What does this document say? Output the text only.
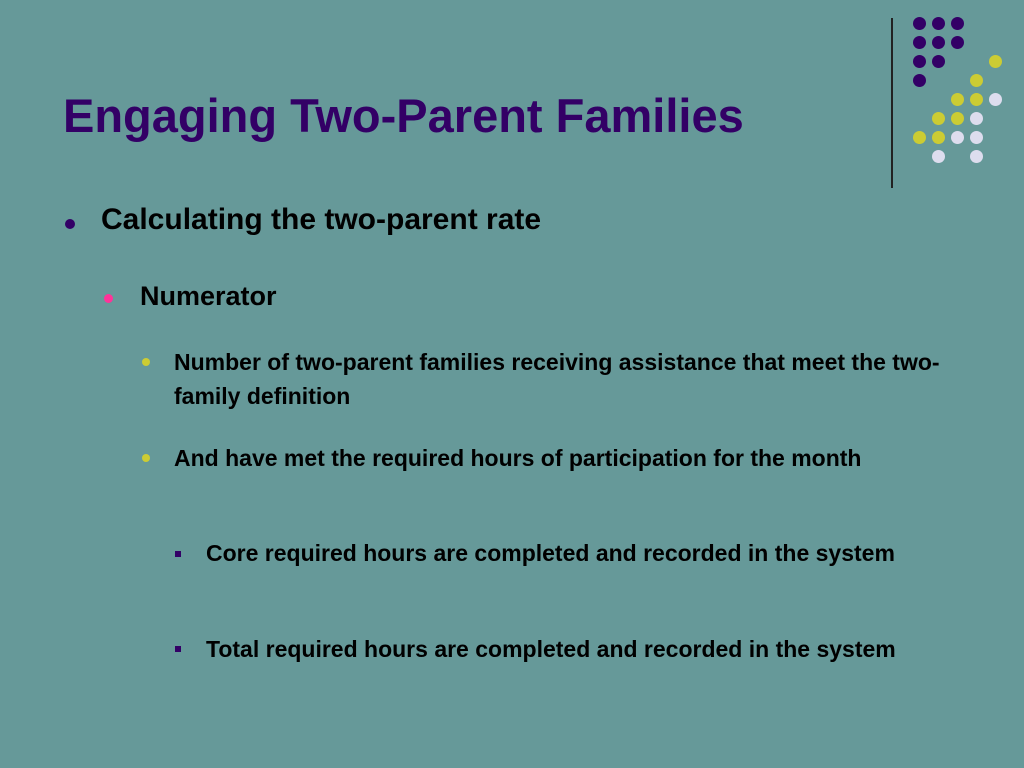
Engaging Two-Parent Families
Calculating the two-parent rate
Numerator
Number of two-parent families receiving assistance that meet the two-family definition
And have met the required hours of participation for the month
Core required hours are completed and recorded in the system
Total required hours are completed and recorded in the system
